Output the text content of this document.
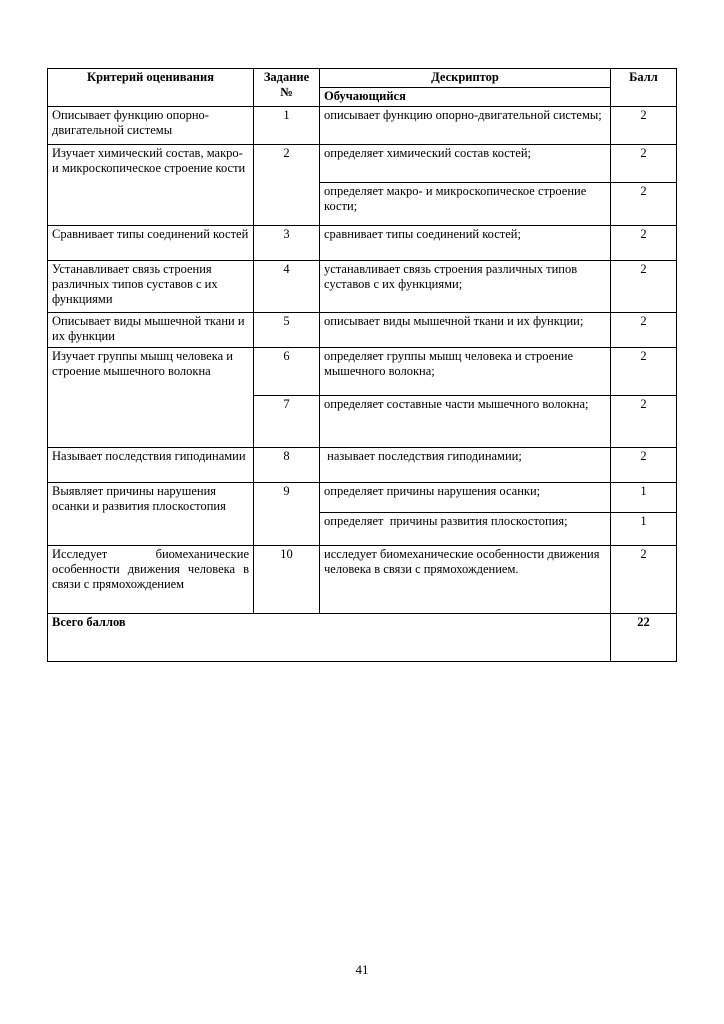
Критерий оценивания	Задание №	Дескриптор	Балл
		Обучающийся	
Описывает функцию опорно-двигательной системы	1	описывает функцию опорно-двигательной системы;	2
Изучает химический состав, макро- и микроскопическое строение кости	2	определяет химический состав костей;	2
		определяет макро- и микроскопическое строение кости;	2
Сравнивает типы соединений костей	3	сравнивает типы соединений костей;	2
Устанавливает связь строения различных типов суставов с их функциями	4	устанавливает связь строения различных типов суставов с их функциями;	2
Описывает виды мышечной ткани и их функции	5	описывает виды мышечной ткани и их функции;	2
Изучает группы мышц человека и строение мышечного волокна	6	определяет группы мышц человека и строение мышечного волокна;	2
	7	определяет составные части мышечного волокна;	2
Называет последствия гиподинамии	8	называет последствия гиподинамии;	2
Выявляет причины нарушения осанки и развития плоскостопия	9	определяет причины нарушения осанки;	1
		определяет  причины развития плоскостопия;	1
Исследует биомеханические особенности движения человека в связи с прямохождением	10	исследует биомеханические особенности движения человека в связи с прямохождением.	2
Всего баллов			22
41
